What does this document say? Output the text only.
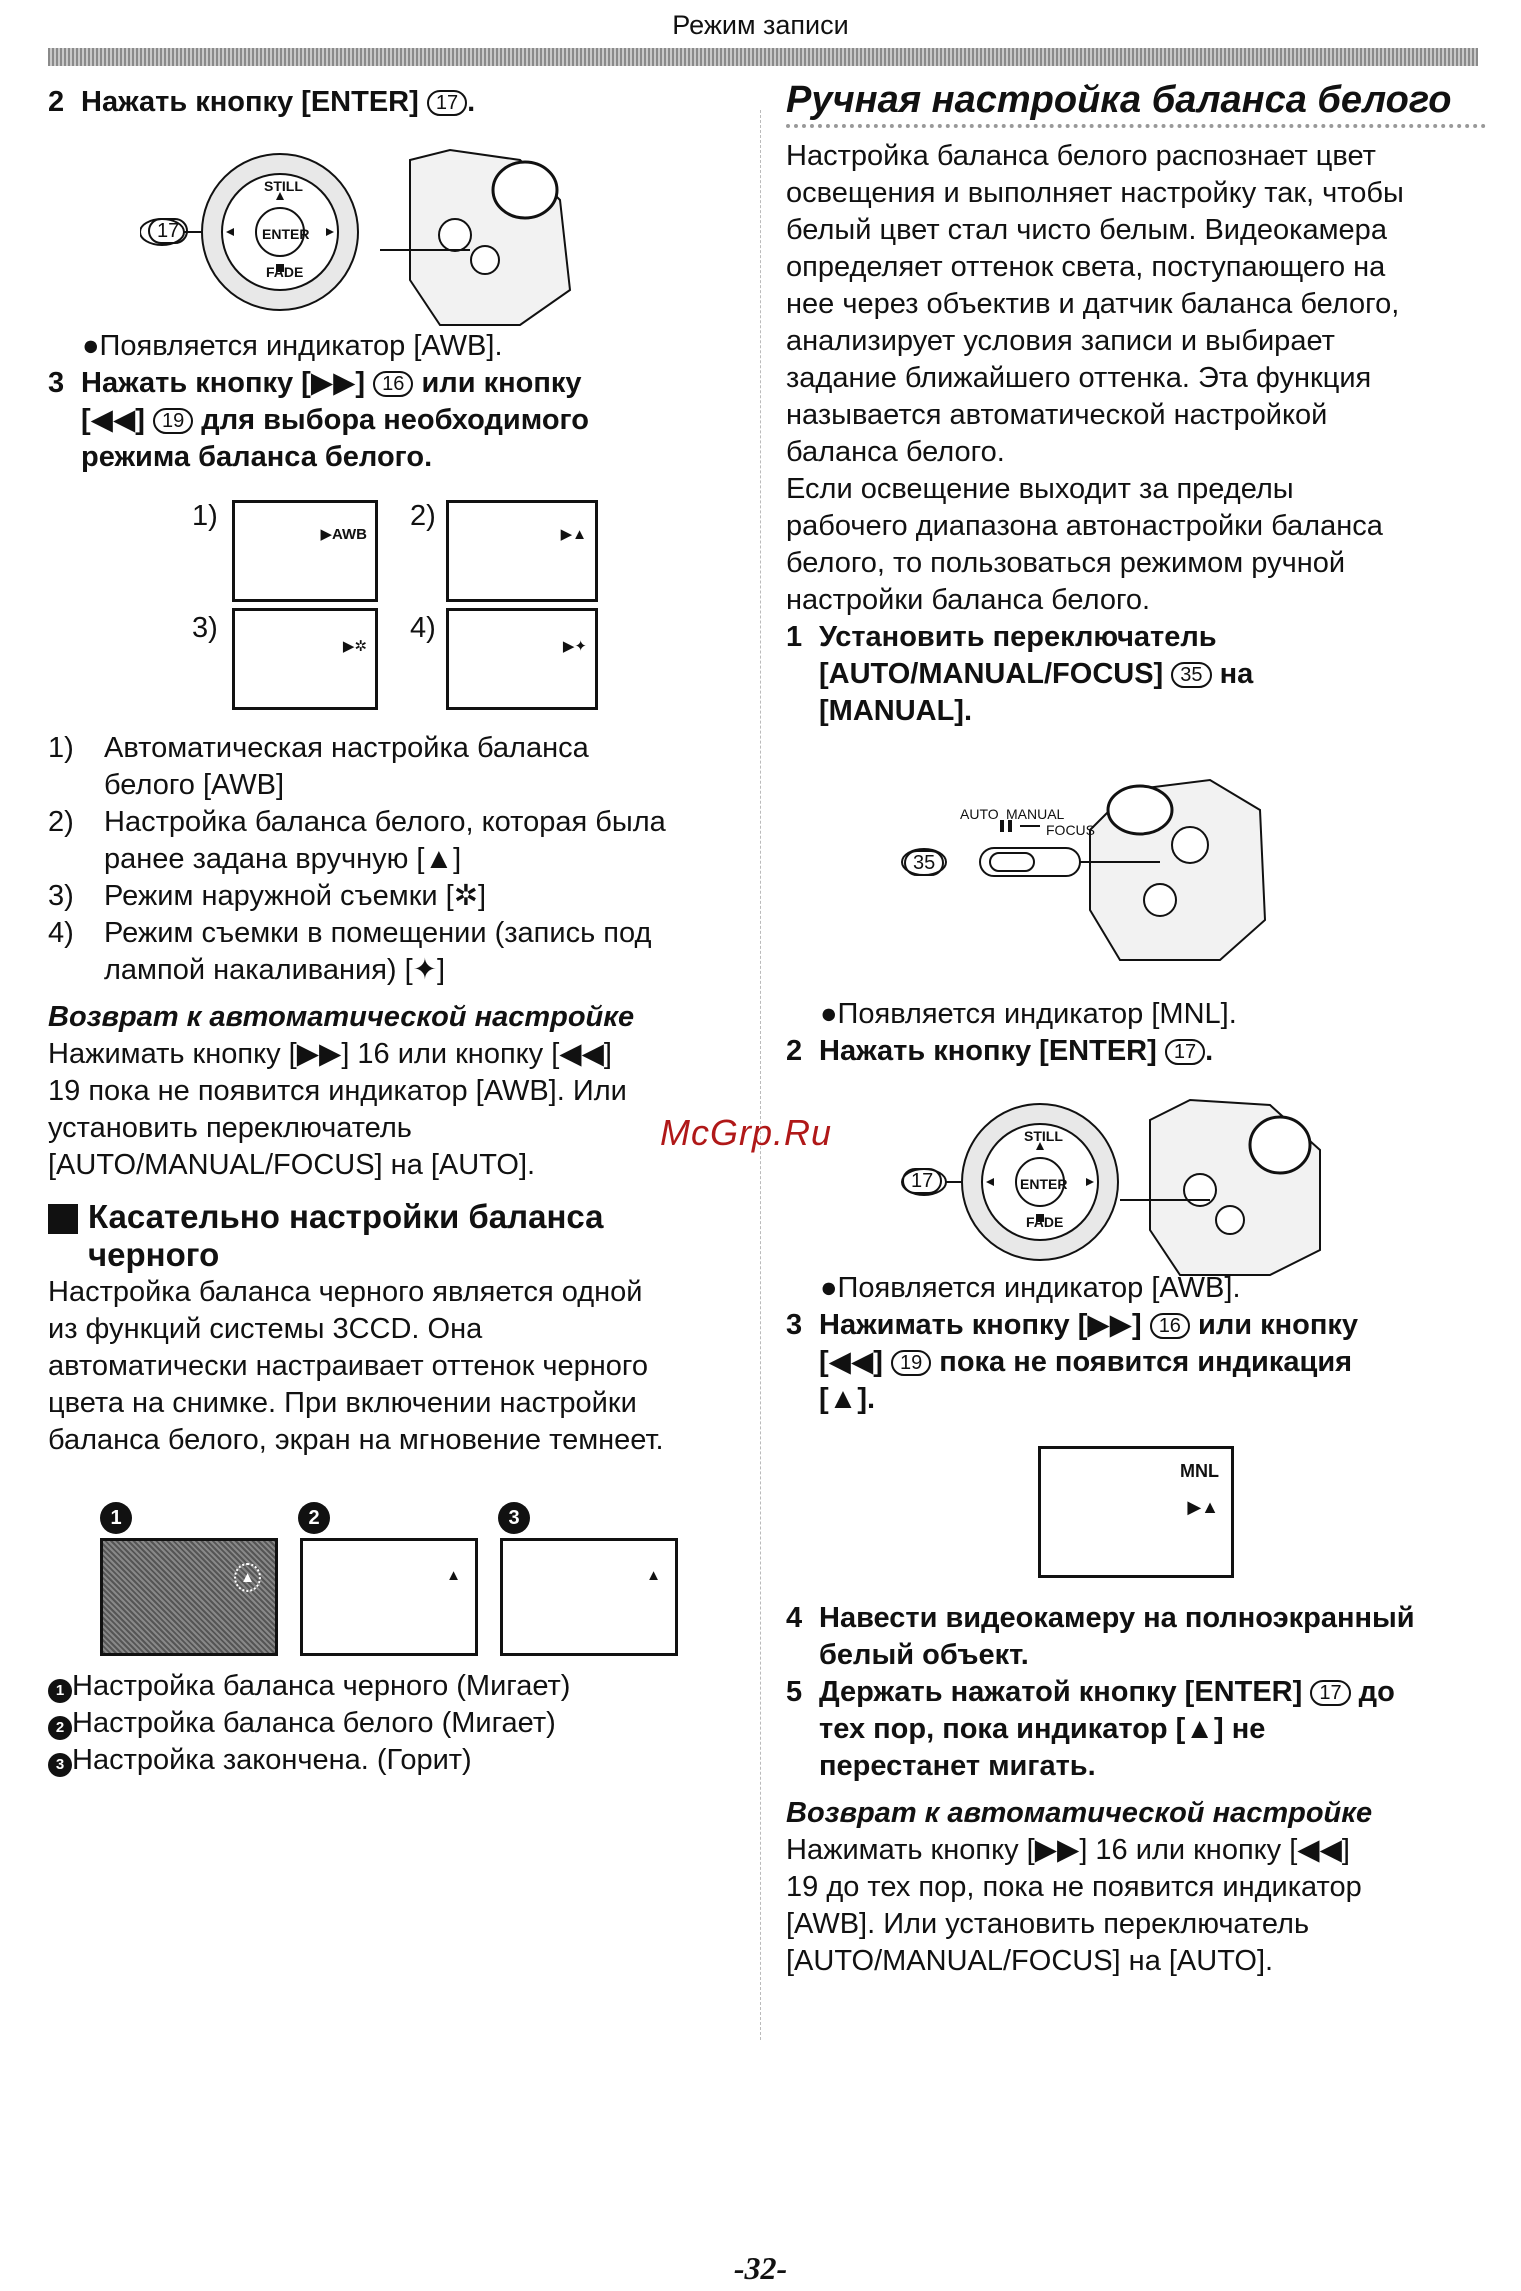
Режим записи
2 Нажать кнопку [ENTER] 17 .
17
STILL
ENTER
FADE
●Появляется индикатор [AWB].
3 Нажать кнопку [▶▶] 16 или кнопку
[◀◀] 19 для выбора необходимого
режима баланса белого.
1)
▶AWB
2)
▶▲
3)
▶✲
4)
▶✦
1) Автоматическая настройка баланса
белого [AWB]
2) Настройка баланса белого, которая была
ранее задана вручную [▲]
3) Режим наружной съемки [✲]
4) Режим съемки в помещении (запись под
лампой накаливания) [✦]
Возврат к автоматической настройке
Нажимать кнопку [▶▶] 16 или кнопку [◀◀]
19 пока не появится индикатор [AWB]. Или
установить переключатель
[AUTO/MANUAL/FOCUS] на [AUTO].
Касательно настройки баланса
черного
Настройка баланса черного является одной
из функций системы 3CCD. Она
автоматически настраивает оттенок черного
цвета на снимке. При включении настройки
баланса белого, экран на мгновение темнеет.
1	2	3
▲	▲	▲
1 Настройка баланса черного (Мигает)
2 Настройка баланса белого (Мигает)
3 Настройка закончена. (Горит)
Ручная настройка баланса белого
Настройка баланса белого распознает цвет
освещения и выполняет настройку так, чтобы
белый цвет стал чисто белым. Видеокамера
определяет оттенок света, поступающего на
нее через объектив и датчик баланса белого,
анализирует условия записи и выбирает
задание ближайшего оттенка. Эта функция
называется автоматической настройкой
баланса белого.
Если освещение выходит за пределы
рабочего диапазона автонастройки баланса
белого, то пользоваться режимом ручной
настройки баланса белого.
1 Установить переключатель
[AUTO/MANUAL/FOCUS] 35 на
[MANUAL].
35
AUTO MANUAL
FOCUS
●Появляется индикатор [MNL].
2 Нажать кнопку [ENTER] 17 .
17
STILL
ENTER
FADE
●Появляется индикатор [AWB].
3 Нажимать кнопку [▶▶] 16 или кнопку
[◀◀] 19 пока не появится индикация
[▲].
MNL
▶▲
4 Навести видеокамеру на полноэкранный
белый объект.
5 Держать нажатой кнопку [ENTER] 17 до
тех пор, пока индикатор [▲] не
перестанет мигать.
Возврат к автоматической настройке
Нажимать кнопку [▶▶] 16 или кнопку [◀◀]
19 до тех пор, пока не появится индикатор
[AWB]. Или установить переключатель
[AUTO/MANUAL/FOCUS] на [AUTO].
McGrp.Ru
-32-
